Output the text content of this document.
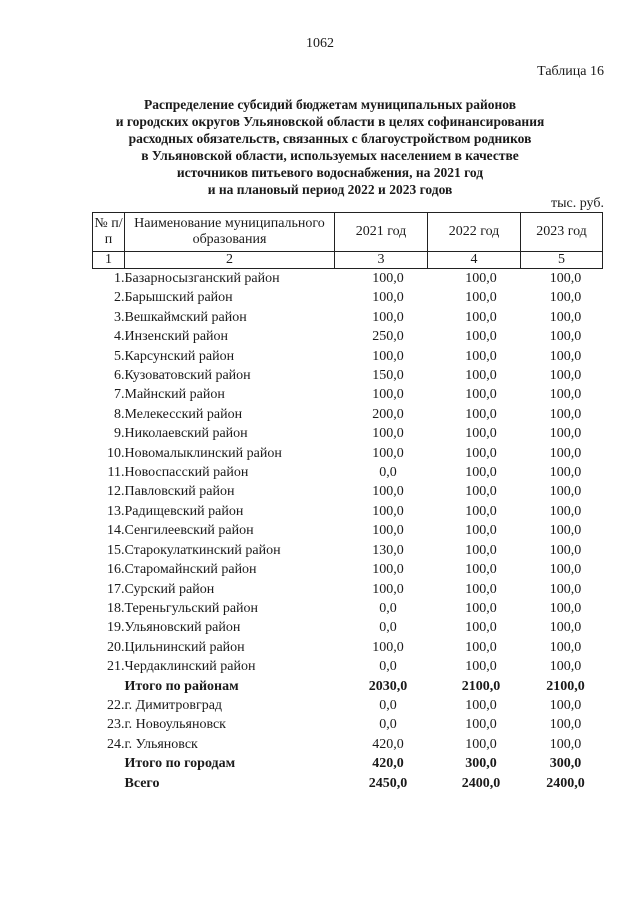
1062
Таблица 16
Распределение субсидий бюджетам муниципальных районов
и городских округов Ульяновской области в целях софинансирования
расходных обязательств, связанных с благоустройством родников
в Ульяновской области, используемых населением в качестве
источников питьевого водоснабжения, на 2021 год
и на плановый период 2022 и 2023 годов
тыс. руб.
№ п/п	Наименование муниципального образования	2021 год	2022 год	2023 год
1	2	3	4	5
1.	Базарносызганский район	100,0	100,0	100,0
2.	Барышский район	100,0	100,0	100,0
3.	Вешкаймский район	100,0	100,0	100,0
4.	Инзенский район	250,0	100,0	100,0
5.	Карсунский район	100,0	100,0	100,0
6.	Кузоватовский район	150,0	100,0	100,0
7.	Майнский район	100,0	100,0	100,0
8.	Мелекесский район	200,0	100,0	100,0
9.	Николаевский район	100,0	100,0	100,0
10.	Новомалыклинский район	100,0	100,0	100,0
11.	Новоспасский район	0,0	100,0	100,0
12.	Павловский район	100,0	100,0	100,0
13.	Радищевский район	100,0	100,0	100,0
14.	Сенгилеевский район	100,0	100,0	100,0
15.	Старокулаткинский район	130,0	100,0	100,0
16.	Старомайнский район	100,0	100,0	100,0
17.	Сурский район	100,0	100,0	100,0
18.	Тереньгульский район	0,0	100,0	100,0
19.	Ульяновский район	0,0	100,0	100,0
20.	Цильнинский район	100,0	100,0	100,0
21.	Чердаклинский район	0,0	100,0	100,0
	Итого по районам	2030,0	2100,0	2100,0
22.	г. Димитровград	0,0	100,0	100,0
23.	г. Новоульяновск	0,0	100,0	100,0
24.	г. Ульяновск	420,0	100,0	100,0
	Итого по городам	420,0	300,0	300,0
	Всего	2450,0	2400,0	2400,0
